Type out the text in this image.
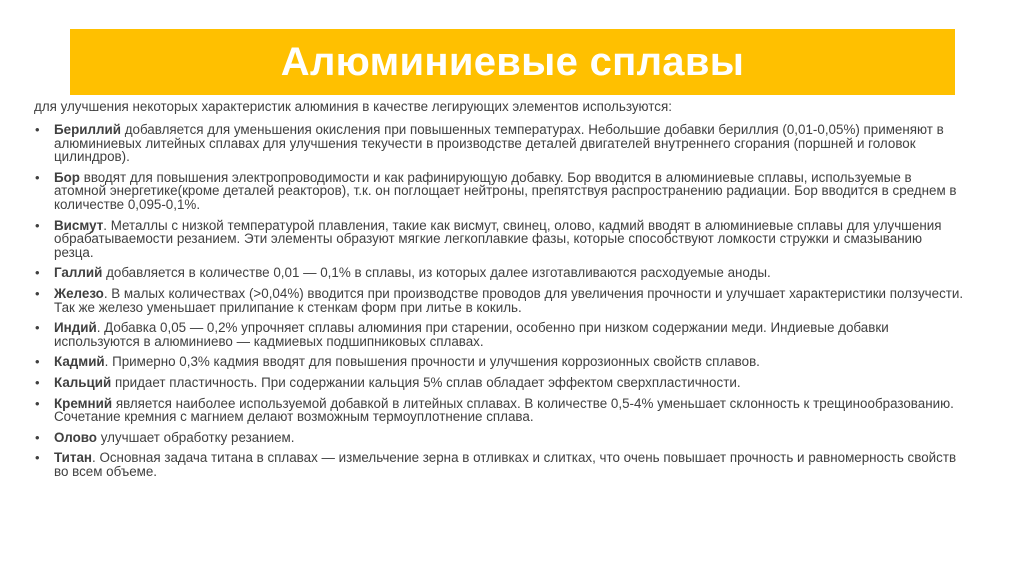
Алюминиевые сплавы

для улучшения некоторых характеристик алюминия в качестве легирующих элементов используются:

• Бериллий добавляется для уменьшения окисления при повышенных температурах. Небольшие добавки бериллия (0,01-0,05%) применяют в алюминиевых литейных сплавах для улучшения текучести в производстве деталей двигателей внутреннего сгорания (поршней и головок цилиндров).
• Бор вводят для повышения электропроводимости и как рафинирующую добавку. Бор вводится в алюминиевые сплавы, используемые в атомной энергетике(кроме деталей реакторов), т.к. он поглощает нейтроны, препятствуя распространению радиации. Бор вводится в среднем в количестве 0,095-0,1%.
• Висмут. Металлы с низкой температурой плавления, такие как висмут, свинец, олово, кадмий вводят в алюминиевые сплавы для улучшения обрабатываемости резанием. Эти элементы образуют мягкие легкоплавкие фазы, которые способствуют ломкости стружки и смазыванию резца.
• Галлий добавляется в количестве 0,01 — 0,1% в сплавы, из которых далее изготавливаются расходуемые аноды.
• Железо. В малых количествах (>0,04%) вводится при производстве проводов для увеличения прочности и улучшает характеристики ползучести. Так же железо уменьшает прилипание к стенкам форм при литье в кокиль.
• Индий. Добавка 0,05 — 0,2% упрочняет сплавы алюминия при старении, особенно при низком содержании меди. Индиевые добавки используются в алюминиево — кадмиевых подшипниковых сплавах.
• Кадмий. Примерно 0,3% кадмия вводят для повышения прочности и улучшения коррозионных свойств сплавов.
• Кальций придает пластичность. При содержании кальция 5% сплав обладает эффектом сверхпластичности.
• Кремний является наиболее используемой добавкой в литейных сплавах. В количестве 0,5-4% уменьшает склонность к трещинообразованию. Сочетание кремния с магнием делают возможным термоуплотнение сплава.
• Олово улучшает обработку резанием.
• Титан. Основная задача титана в сплавах — измельчение зерна в отливках и слитках, что очень повышает прочность и равномерность свойств во всем объеме.
